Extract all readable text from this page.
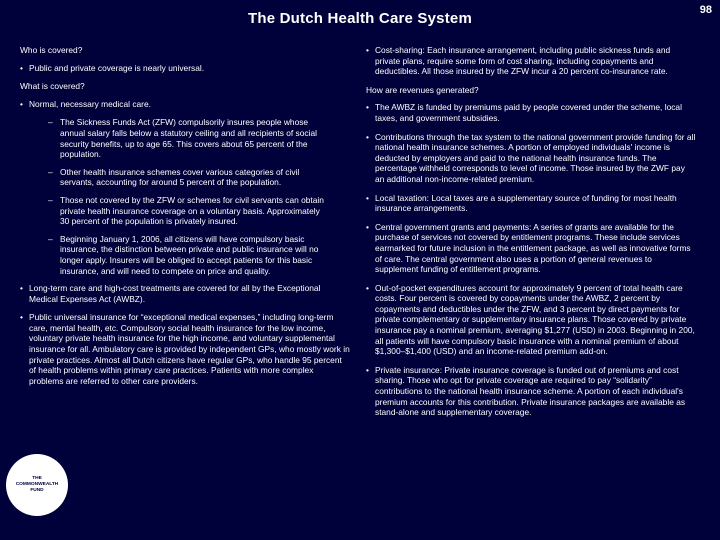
The Dutch Health Care System	98
Who is covered?
• Public and private coverage is nearly universal.
What is covered?
• Normal, necessary medical care.
– The Sickness Funds Act (ZFW) compulsorily insures people whose annual salary falls below a statutory ceiling and all recipients of social security benefits, up to age 65. This covers about 65 percent of the population.
– Other health insurance schemes cover various categories of civil servants, accounting for around 5 percent of the population.
– Those not covered by the ZFW or schemes for civil servants can obtain private health insurance coverage on a voluntary basis. Approximately 30 percent of the population is privately insured.
– Beginning January 1, 2006, all citizens will have compulsory basic insurance, the distinction between private and public insurance will no longer apply. Insurers will be obliged to accept patients for this basic insurance, and will need to compete on price and quality.
• Long-term care and high-cost treatments are covered for all by the Exceptional Medical Expenses Act (AWBZ).
• Public universal insurance for “exceptional medical expenses,” including long-term care, mental health, etc. Compulsory social health insurance for the low income, voluntary private health insurance for the high income, and voluntary supplemental insurance for all. Ambulatory care is provided by independent GPs, who mostly work in private practices. Almost all Dutch citizens have regular GPs, who handle 95 percent of health problems within primary care practices. Patients with more complex problems are referred to other care providers.
• Cost-sharing: Each insurance arrangement, including public sickness funds and private plans, require some form of cost sharing, including copayments and deductibles. All those insured by the ZFW incur a 20 percent co-insurance rate.
How are revenues generated?
• The AWBZ is funded by premiums paid by people covered under the scheme, local taxes, and government subsidies.
• Contributions through the tax system to the national government provide funding for all national health insurance schemes. A portion of employed individuals' income is deducted by employers and paid to the national health insurance funds. The percentage withheld corresponds to level of income. Those insured by the ZWF pay an additional non-income-related premium.
• Local taxation: Local taxes are a supplementary source of funding for most health insurance arrangements.
• Central government grants and payments: A series of grants are available for the purchase of services not covered by entitlement programs. These include services earmarked for future inclusion in the entitlement package, as well as innovative forms of care. The central government also uses a portion of general revenues to supplement funding of entitlement programs.
• Out-of-pocket expenditures account for approximately 9 percent of total health care costs. Four percent is covered by copayments under the AWBZ, 2 percent by copayments and deductibles under the ZFW, and 3 percent by direct payments for private complementary or supplementary insurance plans. Those covered by private insurance pay a nominal premium, averaging $1,277 (USD) in 2003. Beginning in 200, all patients will have compulsory basic insurance with a nominal premium of about $1,300–$1,400 (USD) and an income-related premium add-on.
• Private insurance: Private insurance coverage is funded out of premiums and cost sharing. Those who opt for private coverage are required to pay “solidarity” contributions to the national health insurance scheme. A portion of each individual's premium accounts for this contribution. Private insurance packages are available as stand-alone and supplementary coverage.
THE
COMMONWEALTH
FUND
